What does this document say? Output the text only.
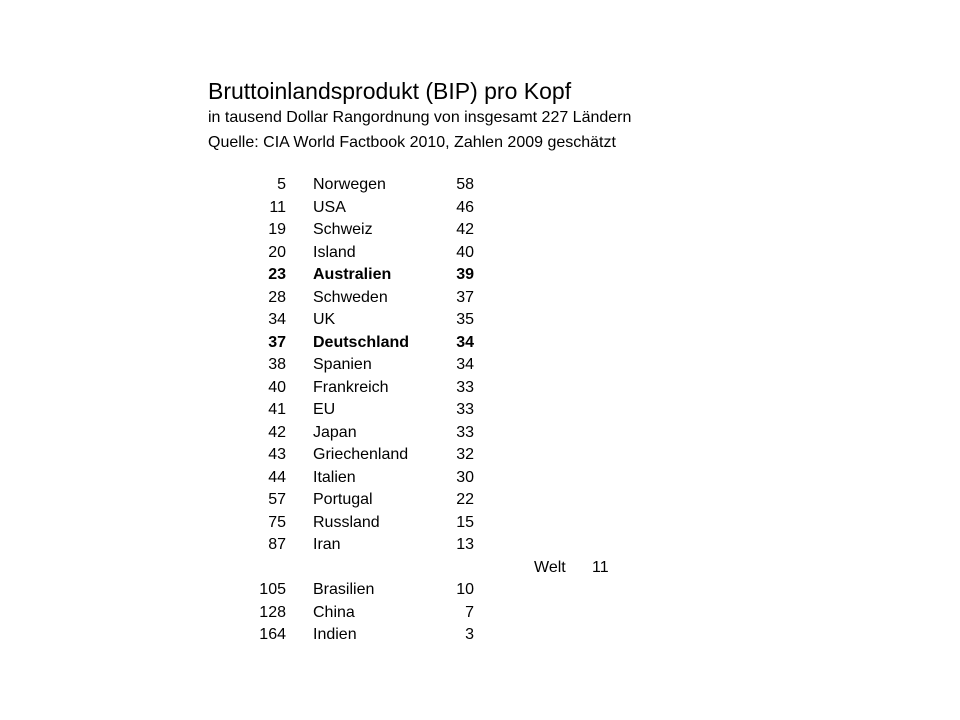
Bruttoinlandsprodukt (BIP) pro Kopf
in tausend Dollar Rangordnung von insgesamt 227 Ländern
Quelle: CIA World Factbook 2010, Zahlen 2009 geschätzt
5 Norwegen	58
11 USA	46
19 Schweiz	42
20 Island	40
23 Australien	39
28 Schweden	37
34 UK	35
37 Deutschland	34
38 Spanien	34
40 Frankreich	33
41 EU	33
42 Japan	33
43 Griechenland	32
44 Italien	30
57 Portugal	22
75 Russland	15
87 Iran	13
Welt 11
105 Brasilien	10
128 China	7
164 Indien	3
